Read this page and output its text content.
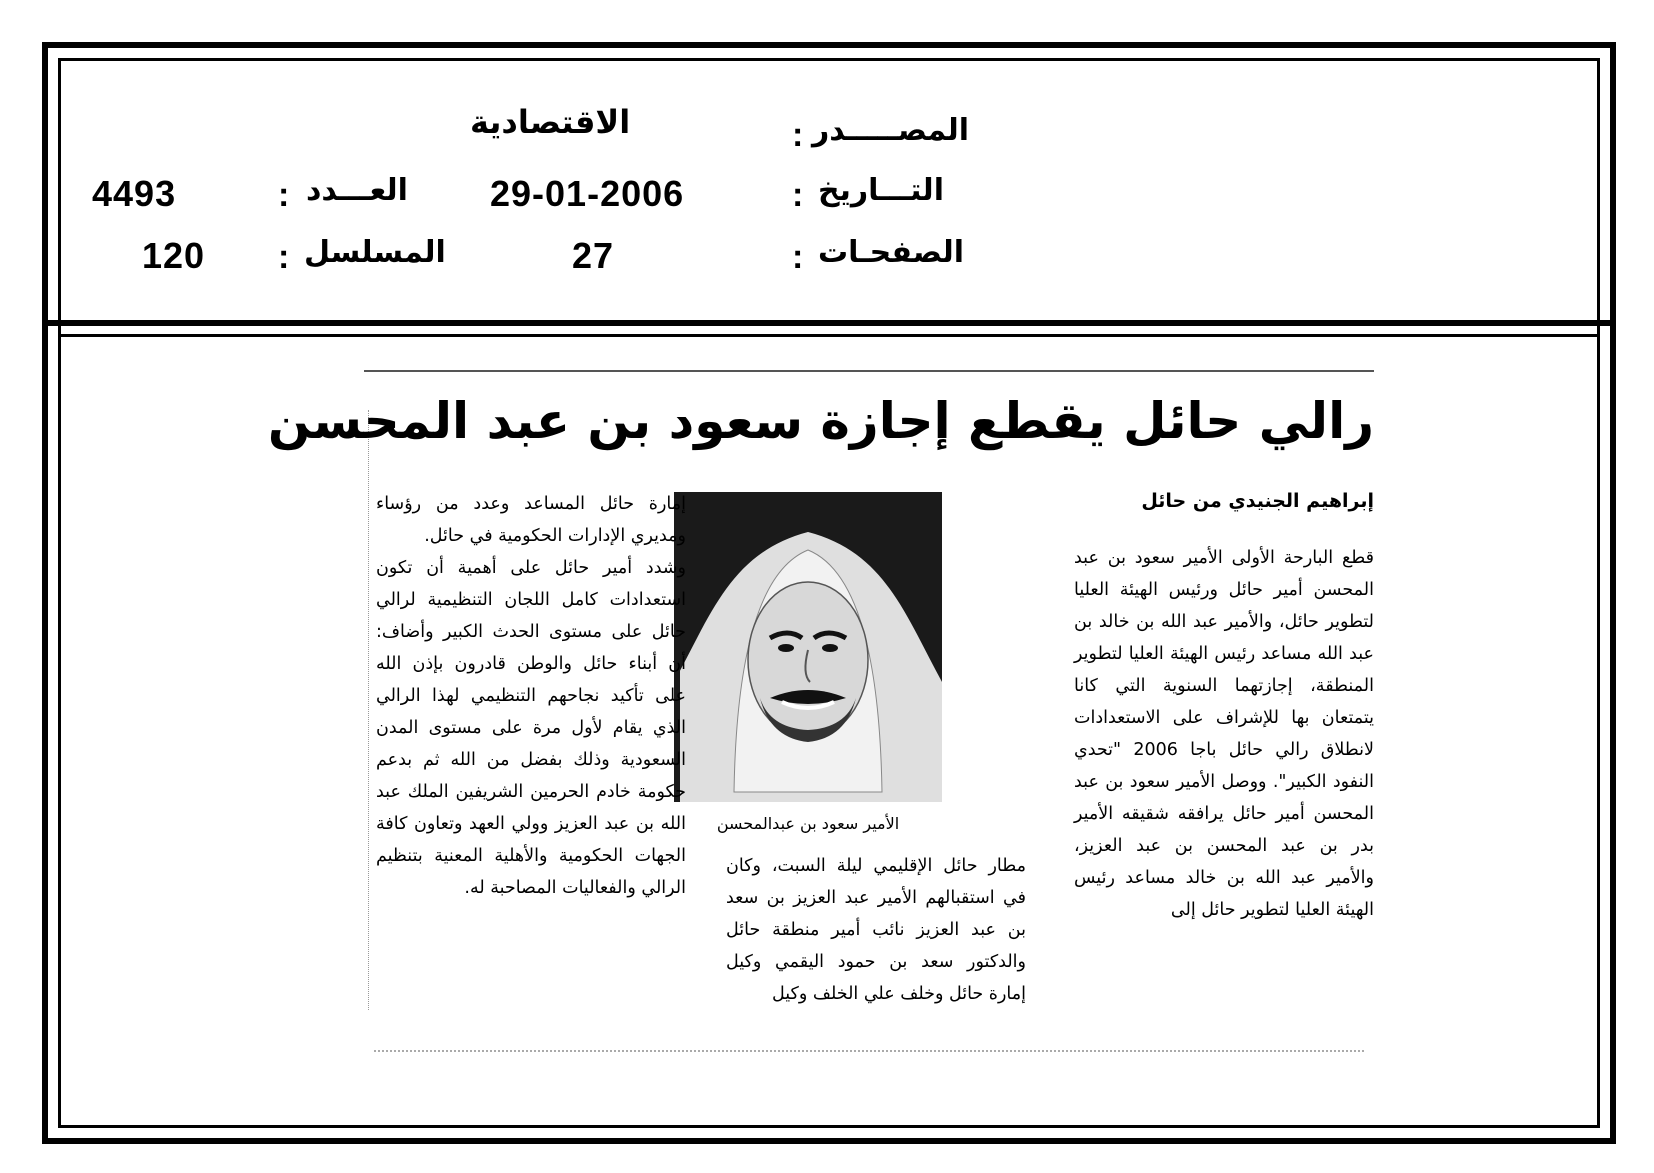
المصـــــدر
:
الاقتصادية
التـــاريخ
:
29-01-2006
العـــدد
:
4493
الصفحـات
:
27
المسلسل
:
120
رالي حائل يقطع إجازة سعود بن عبد المحسن
إبراهيم الجنيدي من حائل

قطع البارحة الأولى الأمير سعود بن عبد المحسن أمير حائل ورئيس الهيئة العليا لتطوير حائل، والأمير عبد الله بن خالد بن عبد الله مساعد رئيس الهيئة العليا لتطوير المنطقة، إجازتهما السنوية التي كانا يتمتعان بها للإشراف على الاستعدادات لانطلاق رالي حائل باجا 2006 "تحدي النفود الكبير". ووصل الأمير سعود بن عبد المحسن أمير حائل يرافقه شقيقه الأمير بدر بن عبد المحسن بن عبد العزيز، والأمير عبد الله بن خالد مساعد رئيس الهيئة العليا لتطوير حائل إلى

الأمير سعود بن عبدالمحسن

مطار حائل الإقليمي ليلة السبت، وكان في استقبالهم الأمير عبد العزيز بن سعد بن عبد العزيز نائب أمير منطقة حائل والدكتور سعد بن حمود اليقمي وكيل إمارة حائل وخلف علي الخلف وكيل

إمارة حائل المساعد وعدد من رؤساء ومديري الإدارات الحكومية في حائل.

وشدد أمير حائل على أهمية أن تكون استعدادات كامل اللجان التنظيمية لرالي حائل على مستوى الحدث الكبير وأضاف: أن أبناء حائل والوطن قادرون بإذن الله على تأكيد نجاحهم التنظيمي لهذا الرالي الذي يقام لأول مرة على مستوى المدن السعودية وذلك بفضل من الله ثم بدعم حكومة خادم الحرمين الشريفين الملك عبد الله بن عبد العزيز وولي العهد وتعاون كافة الجهات الحكومية والأهلية المعنية بتنظيم الرالي والفعاليات المصاحبة له.
